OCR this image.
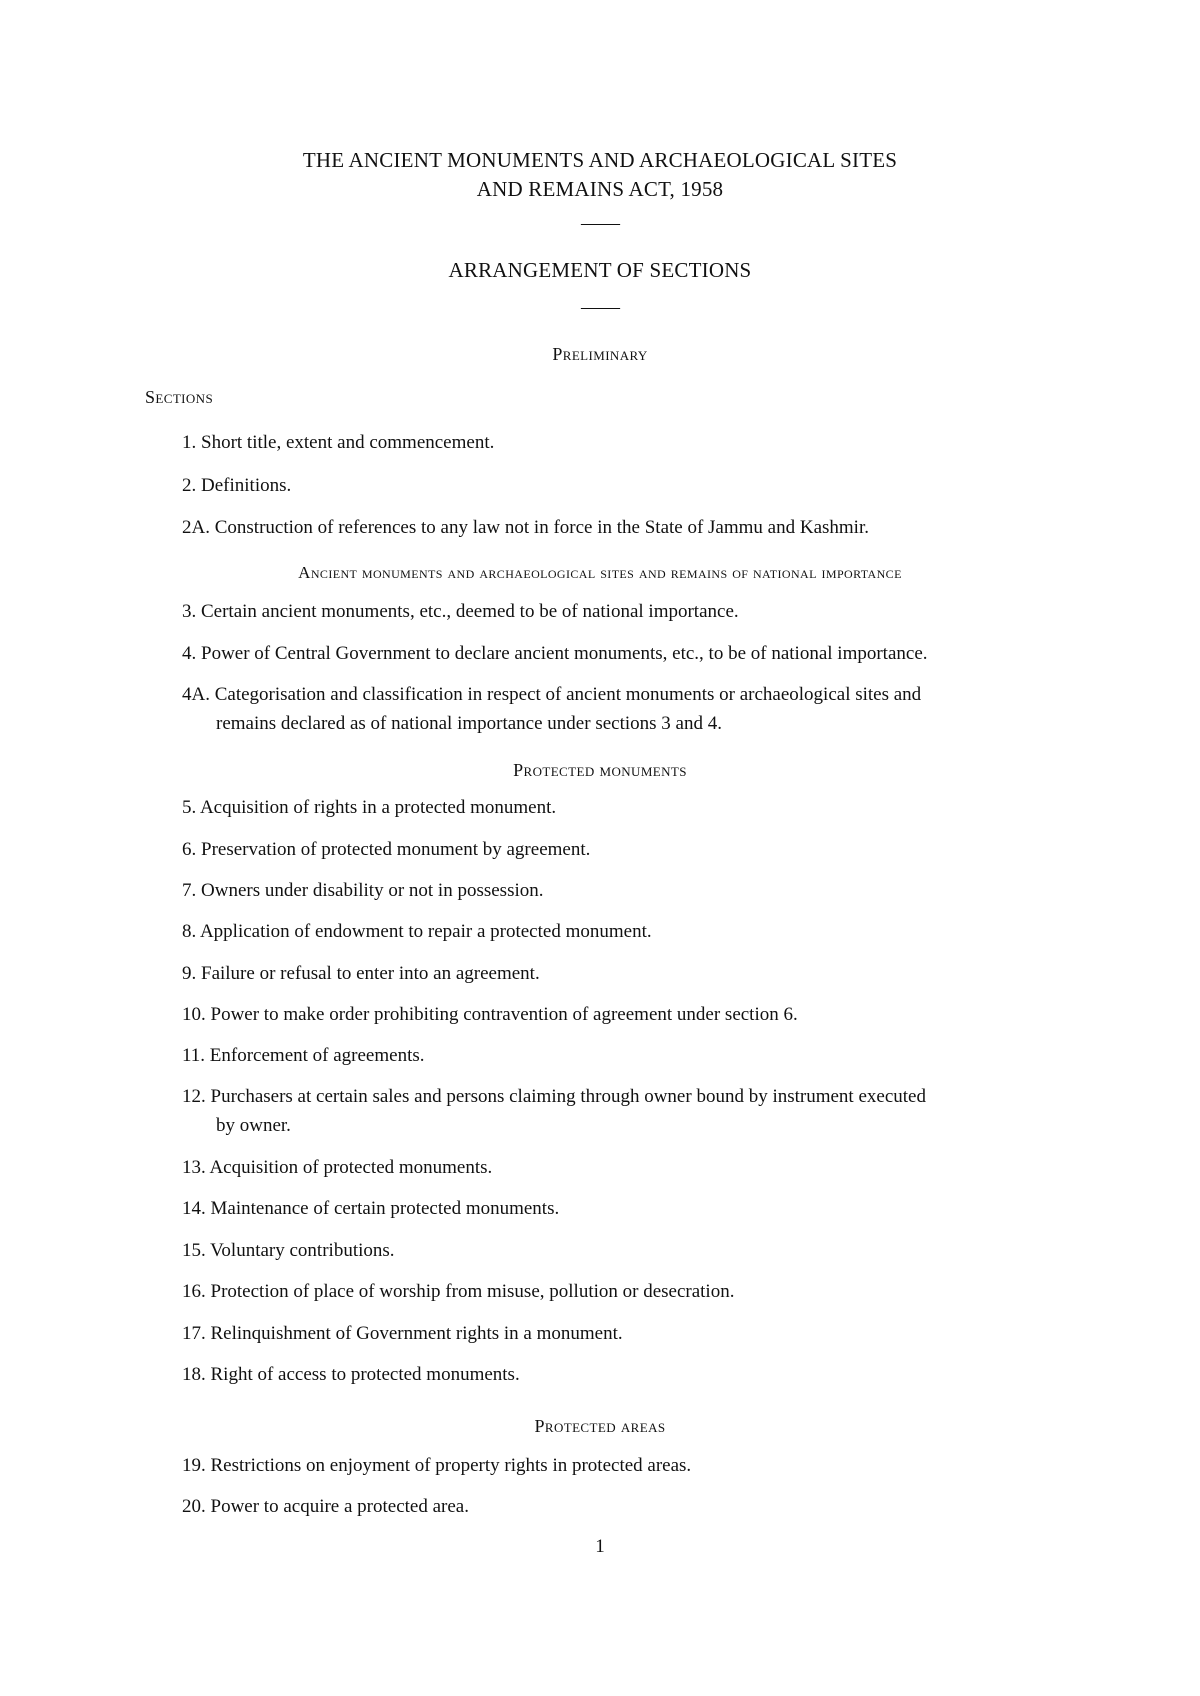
THE ANCIENT MONUMENTS AND ARCHAEOLOGICAL SITES
AND REMAINS ACT, 1958
——
ARRANGEMENT OF SECTIONS
——
Preliminary
Sections
1. Short title, extent and commencement.
2. Definitions.
2A. Construction of references to any law not in force in the State of Jammu and Kashmir.
Ancient monuments and archaeological sites and remains of national importance
3. Certain ancient monuments, etc., deemed to be of national importance.
4. Power of Central Government to declare ancient monuments, etc., to be of national importance.
4A. Categorisation and classification in respect of ancient monuments or archaeological sites and
remains declared as of national importance under sections 3 and 4.
Protected monuments
5. Acquisition of rights in a protected monument.
6. Preservation of protected monument by agreement.
7. Owners under disability or not in possession.
8. Application of endowment to repair a protected monument.
9. Failure or refusal to enter into an agreement.
10. Power to make order prohibiting contravention of agreement under section 6.
11. Enforcement of agreements.
12. Purchasers at certain sales and persons claiming through owner bound by instrument executed
by owner.
13. Acquisition of protected monuments.
14. Maintenance of certain protected monuments.
15. Voluntary contributions.
16. Protection of place of worship from misuse, pollution or desecration.
17. Relinquishment of Government rights in a monument.
18. Right of access to protected monuments.
Protected areas
19. Restrictions on enjoyment of property rights in protected areas.
20. Power to acquire a protected area.
1
